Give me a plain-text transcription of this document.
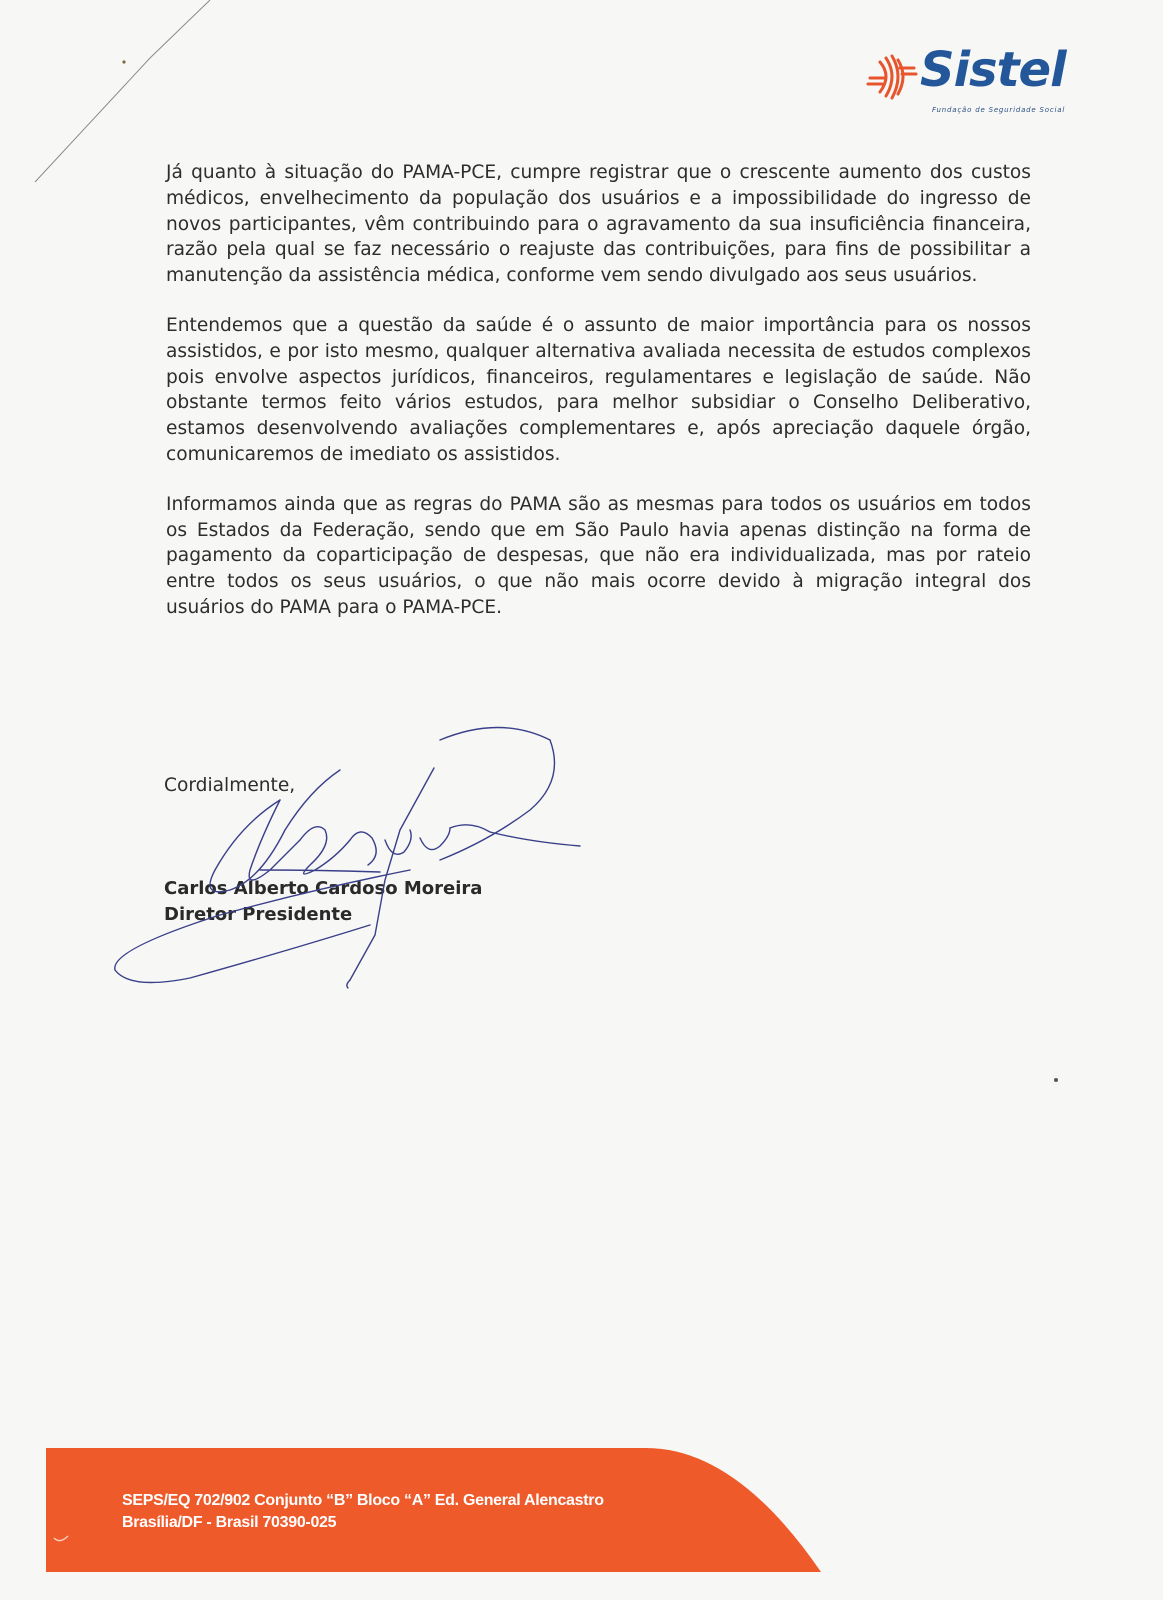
Sistel
Fundação de Seguridade Social

Já quanto à situação do PAMA-PCE, cumpre registrar que o crescente aumento dos custos médicos, envelhecimento da população dos usuários e a impossibilidade do ingresso de novos participantes, vêm contribuindo para o agravamento da sua insuficiência financeira, razão pela qual se faz necessário o reajuste das contribuições, para fins de possibilitar a manutenção da assistência médica, conforme vem sendo divulgado aos seus usuários.

Entendemos que a questão da saúde é o assunto de maior importância para os nossos assistidos, e por isto mesmo, qualquer alternativa avaliada necessita de estudos complexos pois envolve aspectos jurídicos, financeiros, regulamentares e legislação de saúde. Não obstante termos feito vários estudos, para melhor subsidiar o Conselho Deliberativo, estamos desenvolvendo avaliações complementares e, após apreciação daquele órgão, comunicaremos de imediato os assistidos.

Informamos ainda que as regras do PAMA são as mesmas para todos os usuários em todos os Estados da Federação, sendo que em São Paulo havia apenas distinção na forma de pagamento da coparticipação de despesas, que não era individualizada, mas por rateio entre todos os seus usuários, o que não mais ocorre devido à migração integral dos usuários do PAMA para o PAMA-PCE.

Cordialmente,
Carlos Alberto Cardoso Moreira
Diretor Presidente
SEPS/EQ 702/902 Conjunto “B” Bloco “A” Ed. General Alencastro
Brasília/DF - Brasil 70390-025
